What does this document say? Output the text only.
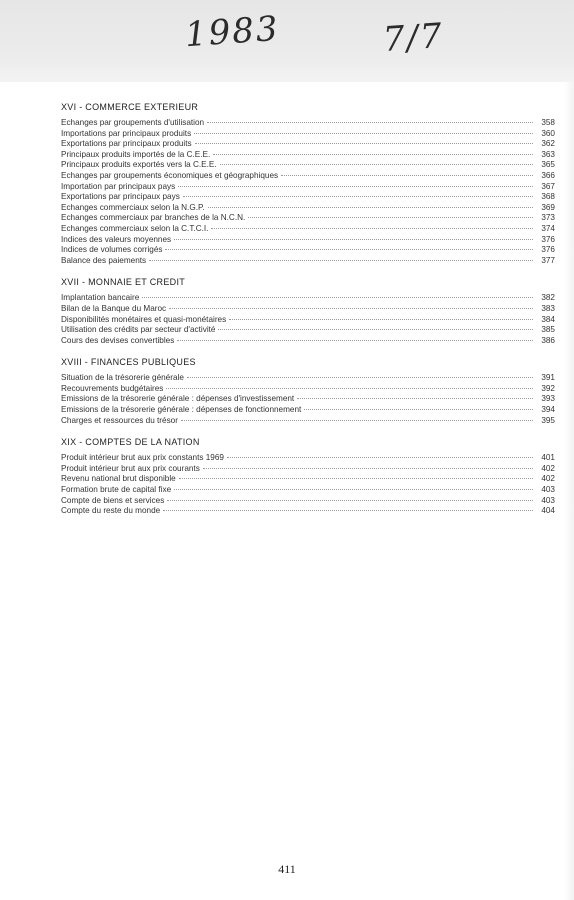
1983	7/7
XVI - COMMERCE EXTERIEUR
Echanges par groupements d'utilisation	358
Importations par principaux produits	360
Exportations par principaux produits	362
Principaux produits importés de la C.E.E.	363
Principaux produits exportés vers la C.E.E.	365
Echanges par groupements économiques et géographiques	366
Importation par principaux pays	367
Exportations par principaux pays	368
Echanges commerciaux selon la N.G.P.	369
Echanges commerciaux par branches de la N.C.N.	373
Echanges commerciaux selon la C.T.C.I.	374
Indices des valeurs moyennes	376
Indices de volumes corrigés	376
Balance des paiements	377
XVII - MONNAIE ET CREDIT
Implantation bancaire	382
Bilan de la Banque du Maroc	383
Disponibilités monétaires et quasi-monétaires	384
Utilisation des crédits par secteur d'activité	385
Cours des devises convertibles	386
XVIII - FINANCES PUBLIQUES
Situation de la trésorerie générale	391
Recouvrements budgétaires	392
Emissions de la trésorerie générale : dépenses d'investissement	393
Emissions de la trésorerie générale : dépenses de fonctionnement	394
Charges et ressources du trésor	395
XIX - COMPTES DE LA NATION
Produit intérieur brut aux prix constants 1969	401
Produit intérieur brut aux prix courants	402
Revenu national brut disponible	402
Formation brute de capital fixe	403
Compte de biens et services	403
Compte du reste du monde	404
411
